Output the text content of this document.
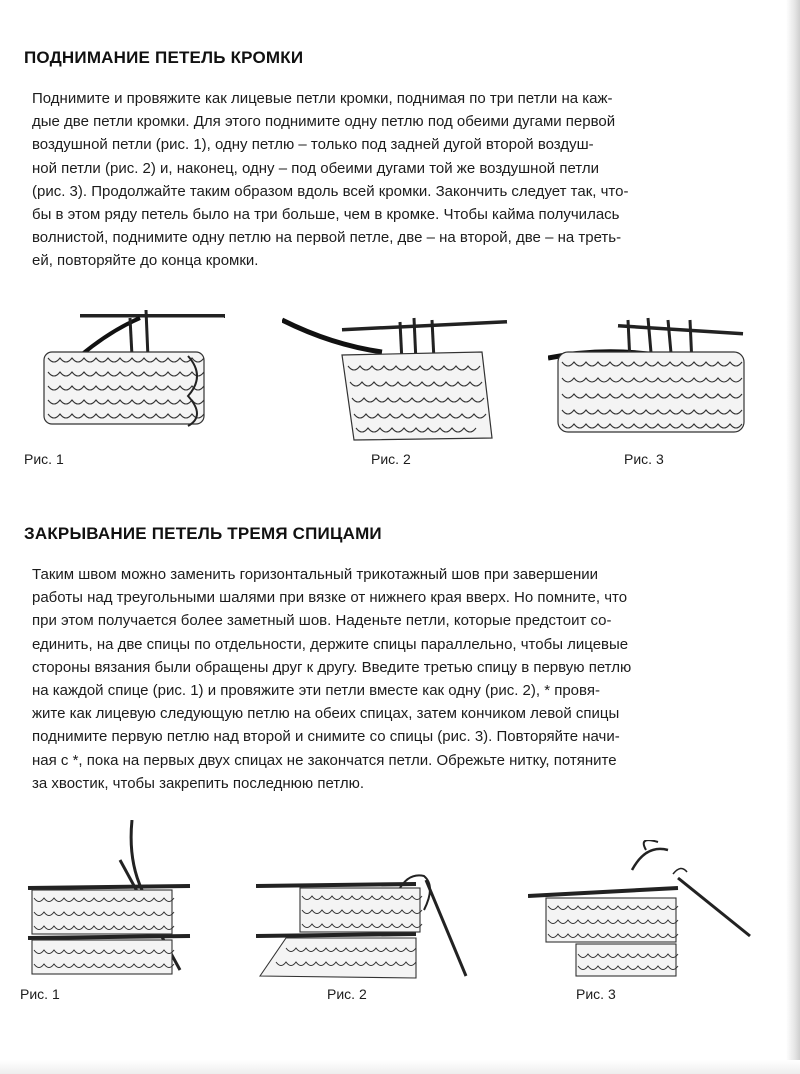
ПОДНИМАНИЕ ПЕТЕЛЬ КРОМКИ

Поднимите и провяжите как лицевые петли кромки, поднимая по три петли на каж-

дые две петли кромки. Для этого поднимите одну петлю под обеими дугами первой

воздушной петли (рис. 1), одну петлю – только под задней дугой второй воздуш-

ной петли (рис. 2) и, наконец, одну – под обеими дугами той же воздушной петли

(рис. 3). Продолжайте таким образом вдоль всей кромки. Закончить следует так, что-

бы в этом ряду петель было на три больше, чем в кромке. Чтобы кайма получилась

волнистой, поднимите одну петлю на первой петле, две – на второй, две – на треть-

ей, повторяйте до конца кромки.

Рис. 1	Рис. 2	Рис. 3
ЗАКРЫВАНИЕ ПЕТЕЛЬ ТРЕМЯ СПИЦАМИ

Таким швом можно заменить горизонтальный трикотажный шов при завершении

работы над треугольными шалями при вязке от нижнего края вверх. Но помните, что

при этом получается более заметный шов. Наденьте петли, которые предстоит со-

единить, на две спицы по отдельности, держите спицы параллельно, чтобы лицевые

стороны вязания были обращены друг к другу. Введите третью спицу в первую петлю

на каждой спице (рис. 1) и провяжите эти петли вместе как одну (рис. 2), * провя-

жите как лицевую следующую петлю на обеих спицах, затем кончиком левой спицы

поднимите первую петлю над второй и снимите со спицы (рис. 3). Повторяйте начи-

ная с *, пока на первых двух спицах не закончатся петли. Обрежьте нитку, потяните

за хвостик, чтобы закрепить последнюю петлю.

Рис. 1	Рис. 2	Рис. 3
